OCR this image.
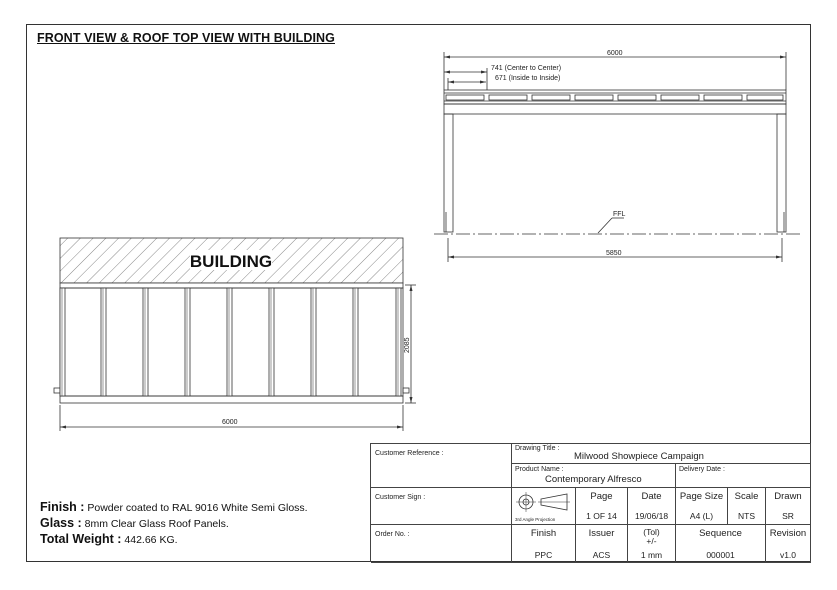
FRONT VIEW & ROOF TOP VIEW WITH BUILDING
6000
741 (Center to Center)
671 (Inside to Inside)
FFL
5850
BUILDING
6000
2085
Finish : Powder coated to RAL 9016 White Semi Gloss.
Glass : 8mm Clear Glass Roof Panels.
Total Weight : 442.66 KG.
Customer Reference :
Customer Sign :
Order No. :
Drawing Title :
Milwood Showpiece Campaign
Product Name :
Contemporary Alfresco
Delivery Date :
3rd Angle Projection
Page
1 OF 14
Date
19/06/18
Page Size
A4 (L)
Scale
NTS
Drawn
SR
Finish
PPC
Issuer
ACS
(Tol)
+/-
1 mm
Sequence
000001
Revision
v1.0
